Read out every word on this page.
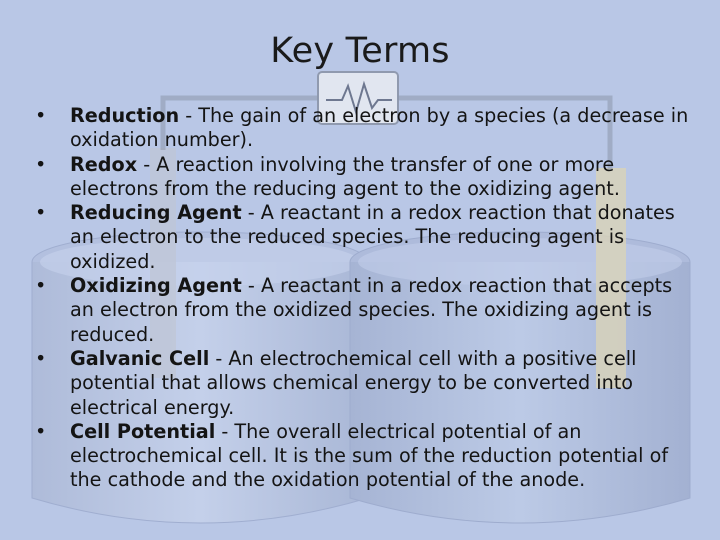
Key Terms
•	Reduction - The gain of an electron by a species (a decrease in oxidation number).
•	Redox - A reaction involving the transfer of one or more electrons from the reducing agent to the oxidizing agent.
•	Reducing Agent - A reactant in a redox reaction that donates an electron to the reduced species. The reducing agent is oxidized.
•	Oxidizing Agent - A reactant in a redox reaction that accepts an electron from the oxidized species. The oxidizing agent is reduced.
•	Galvanic Cell - An electrochemical cell with a positive cell potential that allows chemical energy to be converted into electrical energy.
•	Cell Potential - The overall electrical potential of an electrochemical cell. It is the sum of the reduction potential of the cathode and the oxidation potential of the anode.
